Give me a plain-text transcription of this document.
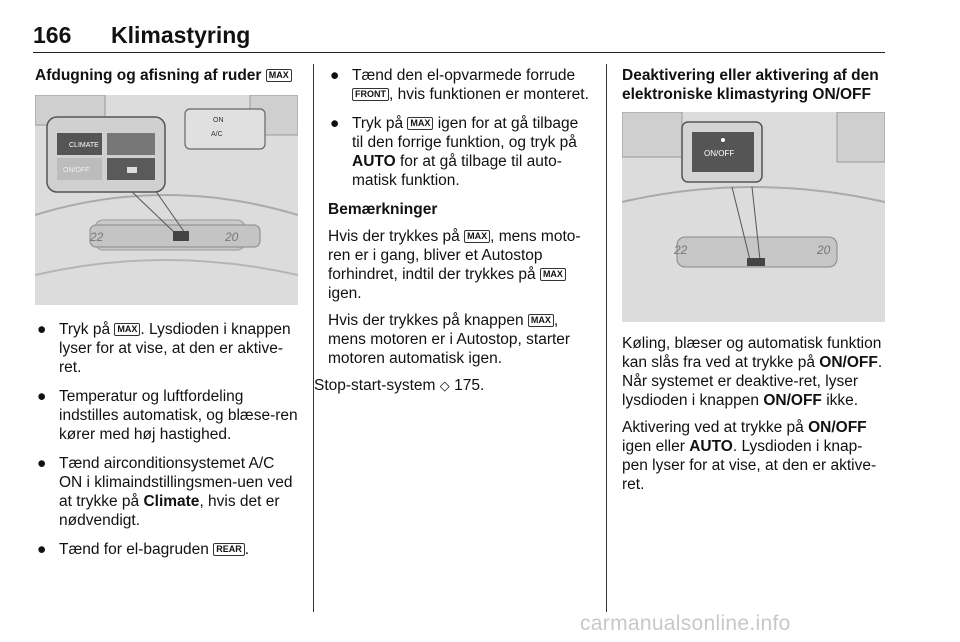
166 Klimastyring

Afdugning og afisning af ruder MAX

22	20
CLIMATE
ON/OFF
ON
A/C
● Tryk på MAX . Lysdioden i knappen lyser for at vise, at den er aktive-ret.
● Temperatur og luftfordeling indstilles automatisk, og blæse-ren kører med høj hastighed.
● Tænd airconditionsystemet A/C ON i klimaindstillingsmen-uen ved at trykke på Climate, hvis det er nødvendigt.
● Tænd for el-bagruden REAR .
● Tænd den el-opvarmede forrude FRONT , hvis funktionen er monteret.
● Tryk på MAX igen for at gå tilbage til den forrige funktion, og tryk på AUTO for at gå tilbage til auto-matisk funktion.

Bemærkninger

Hvis der trykkes på MAX , mens moto-ren er i gang, bliver et Autostop forhindret, indtil der trykkes på MAX igen.

Hvis der trykkes på knappen MAX , mens motoren er i Autostop, starter motoren automatisk igen.

Stop-start-system ◇ 175.

Deaktivering eller aktivering af den elektroniske klimastyring ON/OFF

22	20
ON/OFF

Køling, blæser og automatisk funktion kan slås fra ved at trykke på ON/OFF. Når systemet er deaktive-ret, lyser lysdioden i knappen ON/OFF ikke.

Aktivering ved at trykke på ON/OFF igen eller AUTO. Lysdioden i knap-pen lyser for at vise, at den er aktive-ret.

carmanualsonline.info
